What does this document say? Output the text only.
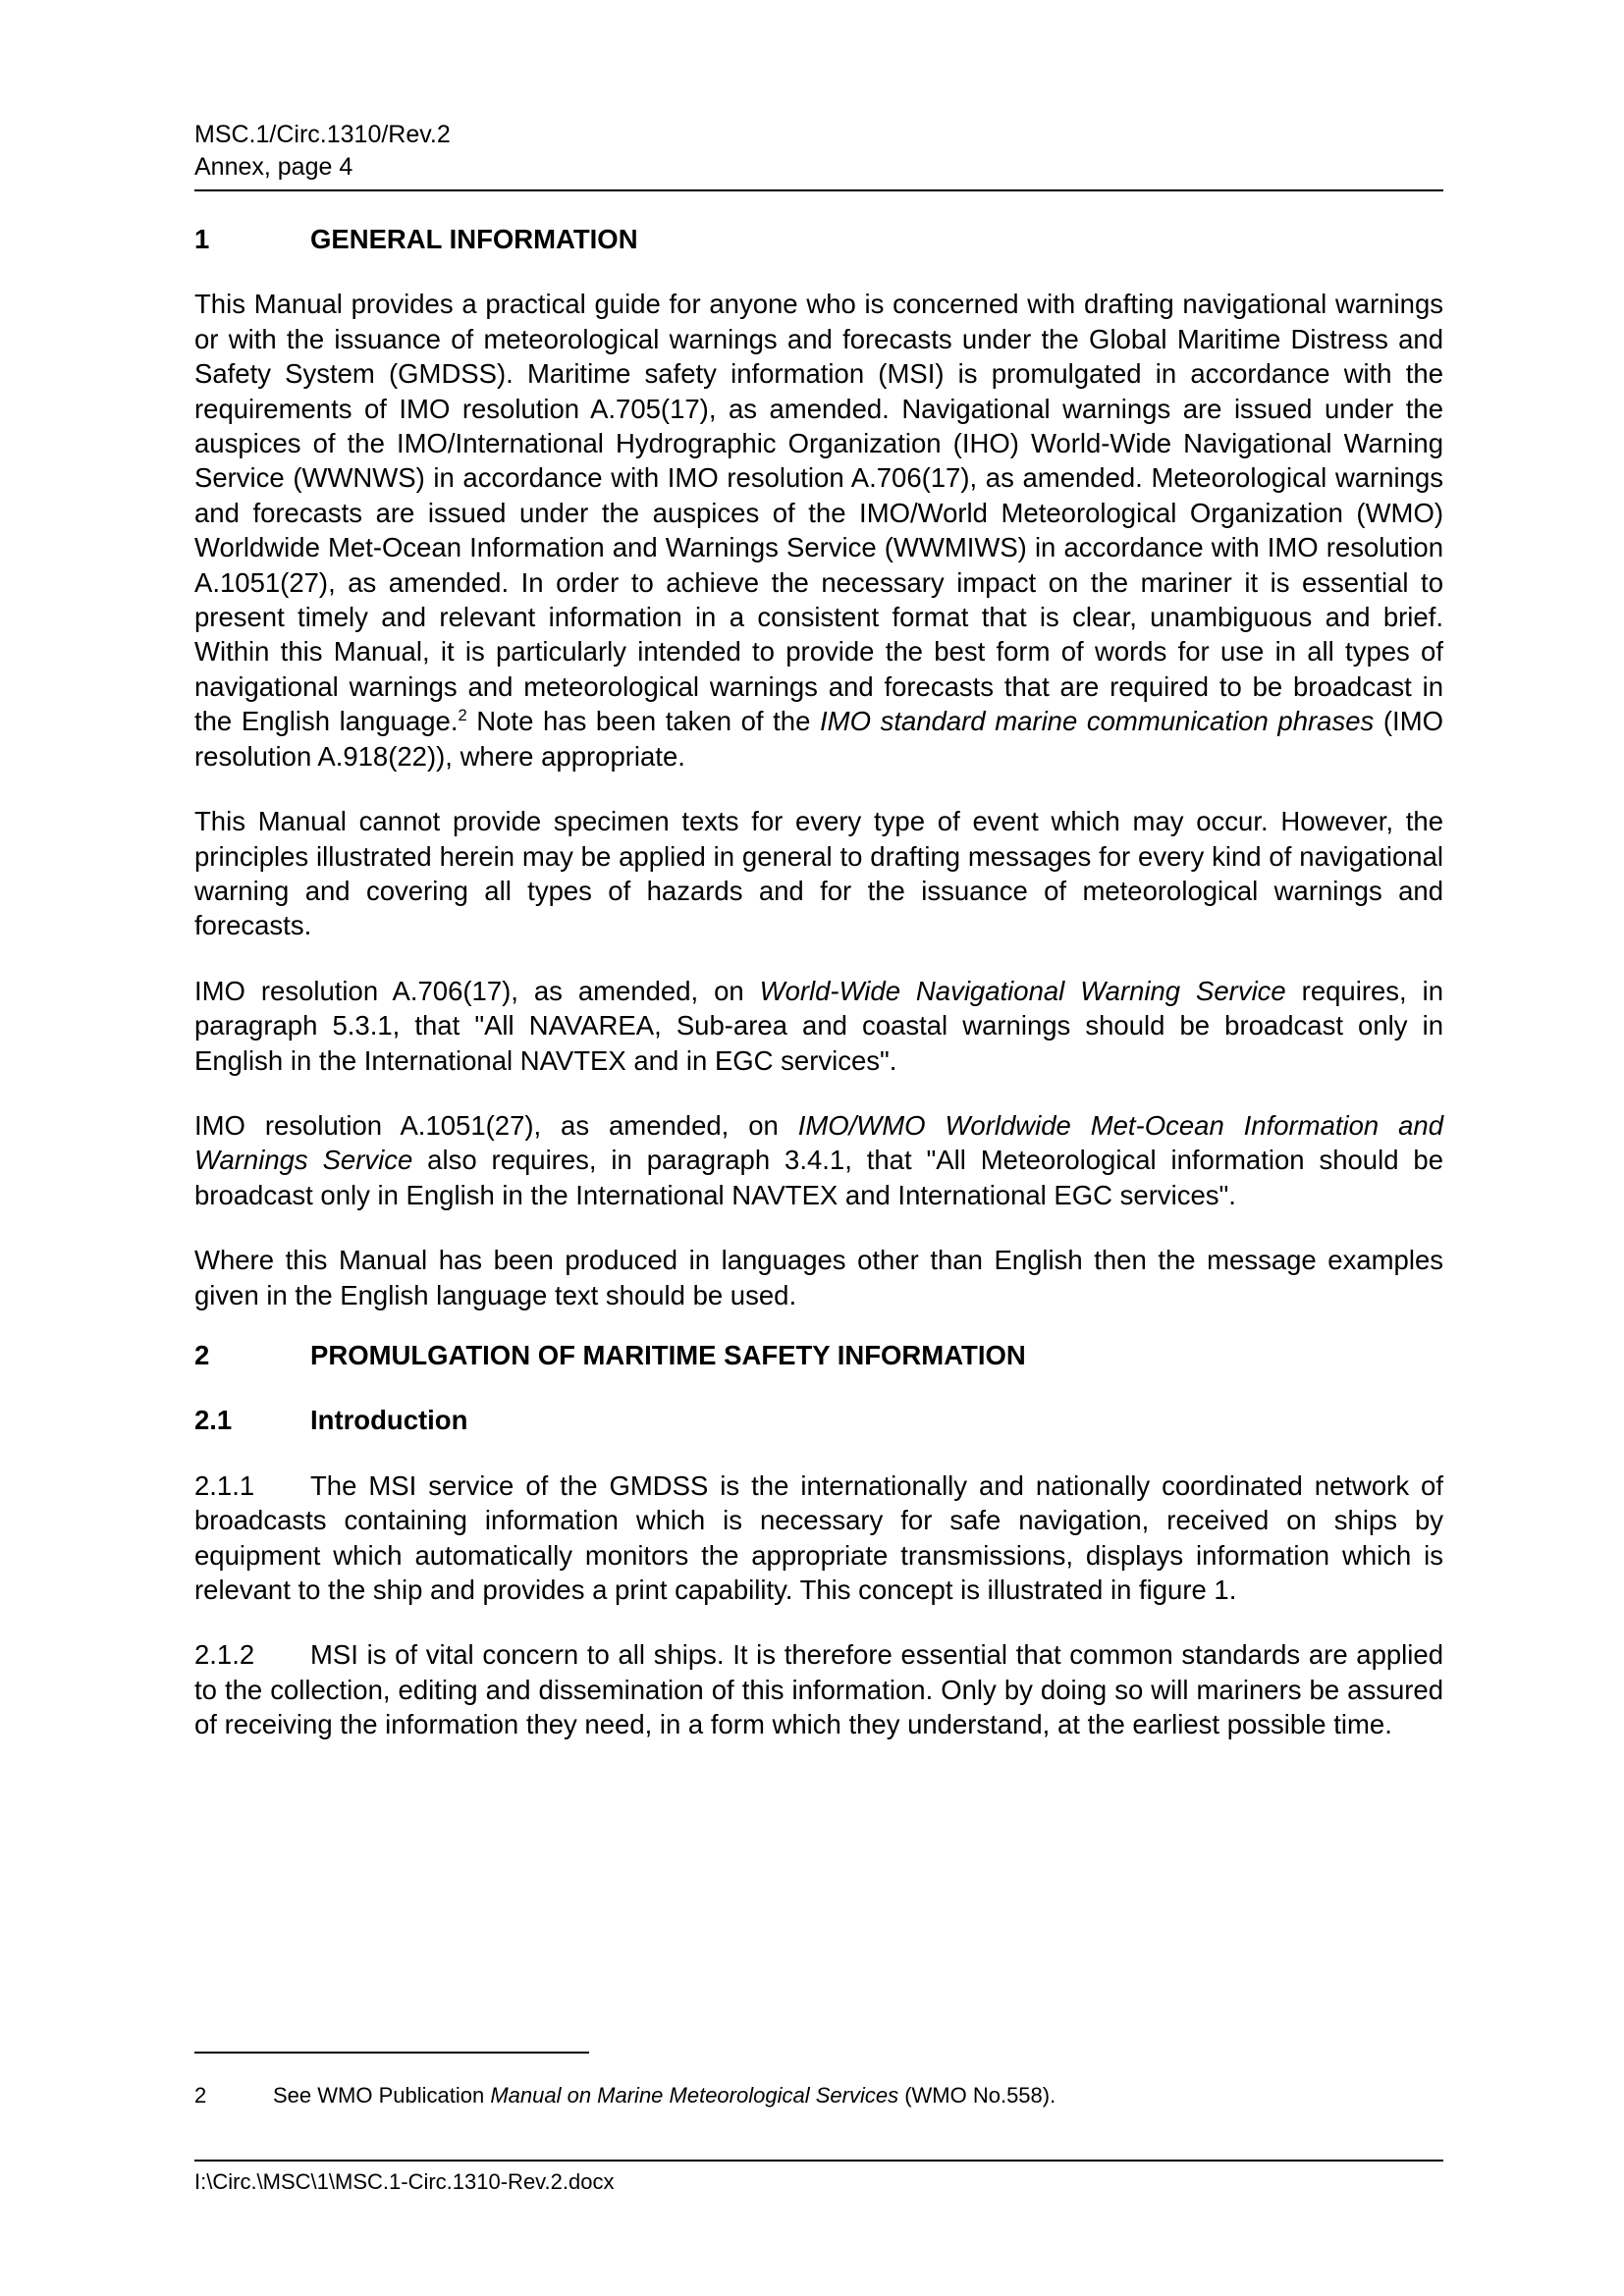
MSC.1/Circ.1310/Rev.2
Annex, page 4
1	GENERAL INFORMATION

This Manual provides a practical guide for anyone who is concerned with drafting navigational warnings or with the issuance of meteorological warnings and forecasts under the Global Maritime Distress and Safety System (GMDSS). Maritime safety information (MSI) is promulgated in accordance with the requirements of IMO resolution A.705(17), as amended. Navigational warnings are issued under the auspices of the IMO/International Hydrographic Organization (IHO) World-Wide Navigational Warning Service (WWNWS) in accordance with IMO resolution A.706(17), as amended. Meteorological warnings and forecasts are issued under the auspices of the IMO/World Meteorological Organization (WMO) Worldwide Met-Ocean Information and Warnings Service (WWMIWS) in accordance with IMO resolution A.1051(27), as amended. In order to achieve the necessary impact on the mariner it is essential to present timely and relevant information in a consistent format that is clear, unambiguous and brief. Within this Manual, it is particularly intended to provide the best form of words for use in all types of navigational warnings and meteorological warnings and forecasts that are required to be broadcast in the English language.$^2$ Note has been taken of the IMO standard marine communication phrases (IMO resolution A.918(22)), where appropriate.

This Manual cannot provide specimen texts for every type of event which may occur. However, the principles illustrated herein may be applied in general to drafting messages for every kind of navigational warning and covering all types of hazards and for the issuance of meteorological warnings and forecasts.

IMO resolution A.706(17), as amended, on World-Wide Navigational Warning Service requires, in paragraph 5.3.1, that "All NAVAREA, Sub-area and coastal warnings should be broadcast only in English in the International NAVTEX and in EGC services".

IMO resolution A.1051(27), as amended, on IMO/WMO Worldwide Met-Ocean Information and Warnings Service also requires, in paragraph 3.4.1, that "All Meteorological information should be broadcast only in English in the International NAVTEX and International EGC services".

Where this Manual has been produced in languages other than English then the message examples given in the English language text should be used.

2	PROMULGATION OF MARITIME SAFETY INFORMATION
2.1	Introduction

2.1.1 The MSI service of the GMDSS is the internationally and nationally coordinated network of broadcasts containing information which is necessary for safe navigation, received on ships by equipment which automatically monitors the appropriate transmissions, displays information which is relevant to the ship and provides a print capability. This concept is illustrated in figure 1.

2.1.2 MSI is of vital concern to all ships. It is therefore essential that common standards are applied to the collection, editing and dissemination of this information. Only by doing so will mariners be assured of receiving the information they need, in a form which they understand, at the earliest possible time.

2	See WMO Publication Manual on Marine Meteorological Services (WMO No.558).
I:\Circ.\MSC\1\MSC.1-Circ.1310-Rev.2.docx
